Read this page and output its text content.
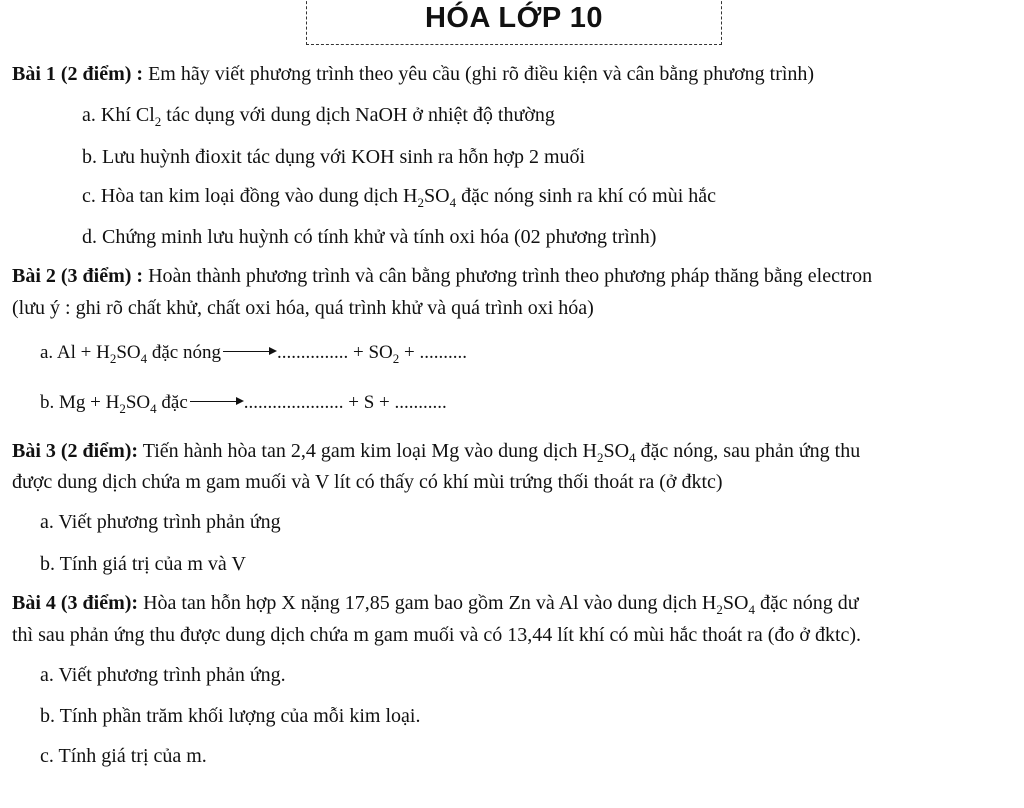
HÓA LỚP 10
Bài 1 (2 điểm) : Em hãy viết phương trình theo yêu cầu (ghi rõ điều kiện và cân bằng phương trình)
a. Khí $Cl_2$ tác dụng với dung dịch NaOH ở nhiệt độ thường
b. Lưu huỳnh đioxit tác dụng với KOH sinh ra hỗn hợp 2 muối
c. Hòa tan kim loại đồng vào dung dịch $H_2SO_4$ đặc nóng sinh ra khí có mùi hắc
d. Chứng minh lưu huỳnh có tính khử và tính oxi hóa (02 phương trình)
Bài 2 (3 điểm) : Hoàn thành phương trình và cân bằng phương trình theo phương pháp thăng bằng electron
(lưu ý : ghi rõ chất khử, chất oxi hóa, quá trình khử và quá trình oxi hóa)
a. $Al + H_2SO_4$ đặc nóng	............... + $SO_2$ + ..........
b. $Mg + H_2SO_4$ đặc	..................... + S + ...........
Bài 3 (2 điểm): Tiến hành hòa tan 2,4 gam kim loại Mg vào dung dịch $H_2SO_4$ đặc nóng, sau phản ứng thu
được dung dịch chứa m gam muối và V lít có thấy có khí mùi trứng thối thoát ra (ở đktc)
a. Viết phương trình phản ứng
b. Tính giá trị của m và V
Bài 4 (3 điểm): Hòa tan hỗn hợp X nặng 17,85 gam bao gồm Zn và Al vào dung dịch $H_2SO_4$ đặc nóng dư
thì sau phản ứng thu được dung dịch chứa m gam muối và có 13,44 lít khí có mùi hắc thoát ra (đo ở đktc).
a. Viết phương trình phản ứng.
b. Tính phần trăm khối lượng của mỗi kim loại.
c. Tính giá trị của m.
